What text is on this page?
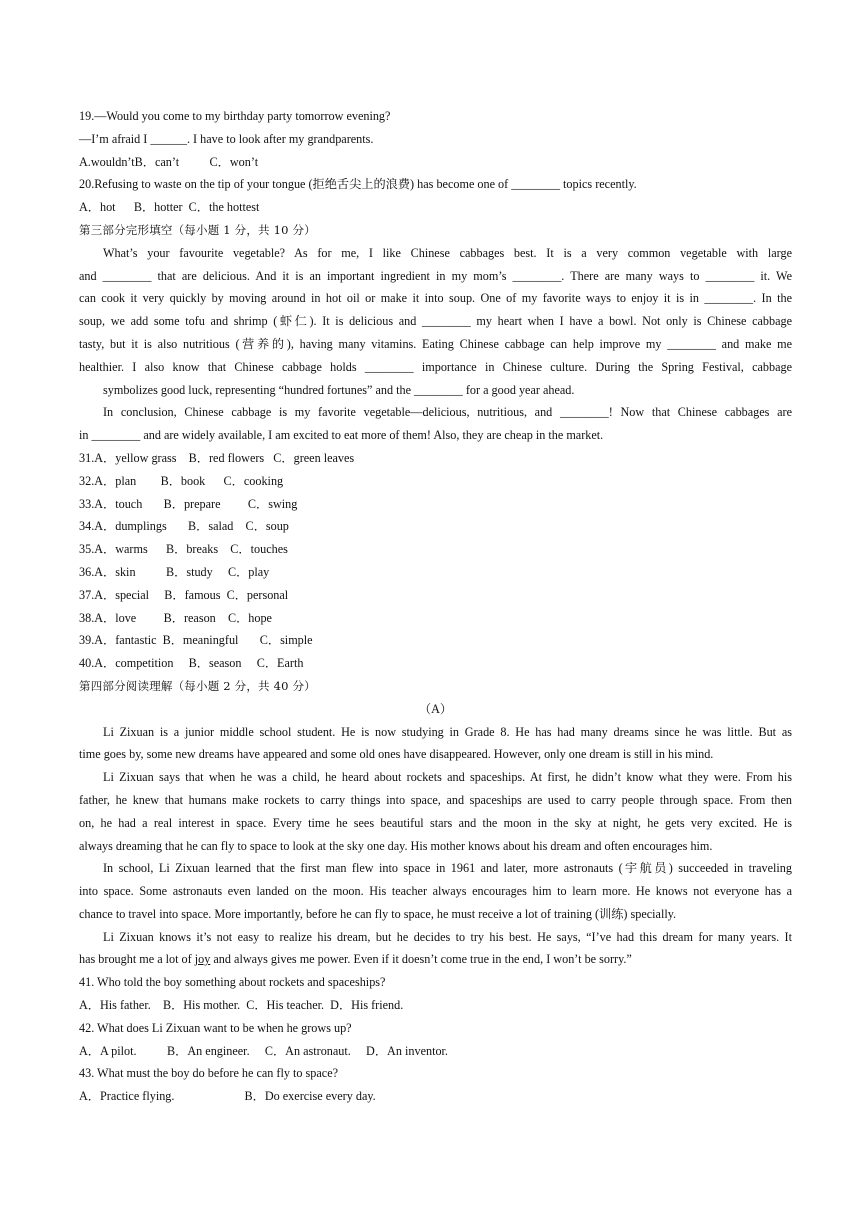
19.—Would you come to my birthday party tomorrow evening?
—I’m afraid I ______. I have to look after my grandparents.
A.wouldn’tB．can’t          C．won’t
20.Refusing to waste on the tip of your tongue (拒绝舌尖上的浪费) has become one of ________ topics recently.
A．hot      B．hotter  C．the hottest
第三部分完形填空（每小题 1 分，共 10 分）
What’s your favourite vegetable? As for me, I like Chinese cabbages best. It is a very common vegetable with large
and ________ that are delicious. And it is an important ingredient in my mom’s ________. There are many ways to ________ it. We
can cook it very quickly by moving around in hot oil or make it into soup. One of my favorite ways to enjoy it is in ________. In the
soup, we add some tofu and shrimp (虾仁). It is delicious and ________ my heart when I have a bowl. Not only is Chinese cabbage
tasty, but it is also nutritious (营养的), having many vitamins. Eating Chinese cabbage can help improve my ________ and make me
healthier. I also know that Chinese cabbage holds ________ importance in Chinese culture. During the Spring Festival, cabbage
symbolizes good luck, representing “hundred fortunes” and the ________ for a good year ahead.
In conclusion, Chinese cabbage is my favorite vegetable—delicious, nutritious, and ________! Now that Chinese cabbages are
in ________ and are widely available, I am excited to eat more of them! Also, they are cheap in the market.
31.A．yellow grass    B．red flowers   C．green leaves
32.A．plan        B．book      C．cooking
33.A．touch       B．prepare         C．swing
34.A．dumplings       B．salad    C．soup
35.A．warms      B．breaks    C．touches
36.A．skin          B．study     C．play
37.A．special     B．famous  C．personal
38.A．love         B．reason    C．hope
39.A．fantastic  B．meaningful       C．simple
40.A．competition     B．season     C．Earth
第四部分阅读理解（每小题 2 分，共 40 分）
（A）
Li Zixuan is a junior middle school student. He is now studying in Grade 8. He has had many dreams since he was little. But as
time goes by, some new dreams have appeared and some old ones have disappeared. However, only one dream is still in his mind.
Li Zixuan says that when he was a child, he heard about rockets and spaceships. At first, he didn’t know what they were. From his
father, he knew that humans make rockets to carry things into space, and spaceships are used to carry people through space. From then
on, he had a real interest in space. Every time he sees beautiful stars and the moon in the sky at night, he gets very excited. He is
always dreaming that he can fly to space to look at the sky one day. His mother knows about his dream and often encourages him.
In school, Li Zixuan learned that the first man flew into space in 1961 and later, more astronauts (宇航员) succeeded in traveling
into space. Some astronauts even landed on the moon. His teacher always encourages him to learn more. He knows not everyone has a
chance to travel into space. More importantly, before he can fly to space, he must receive a lot of training (训练) specially.
Li Zixuan knows it’s not easy to realize his dream, but he decides to try his best. He says, “I’ve had this dream for many years. It
has brought me a lot of joy and always gives me power. Even if it doesn’t come true in the end, I won’t be sorry.”
41. Who told the boy something about rockets and spaceships?
A．His father.    B．His mother.  C．His teacher.  D．His friend.
42. What does Li Zixuan want to be when he grows up?
A．A pilot.          B．An engineer.     C．An astronaut.     D．An inventor.
43. What must the boy do before he can fly to space?
A．Practice flying.                       B．Do exercise every day.
